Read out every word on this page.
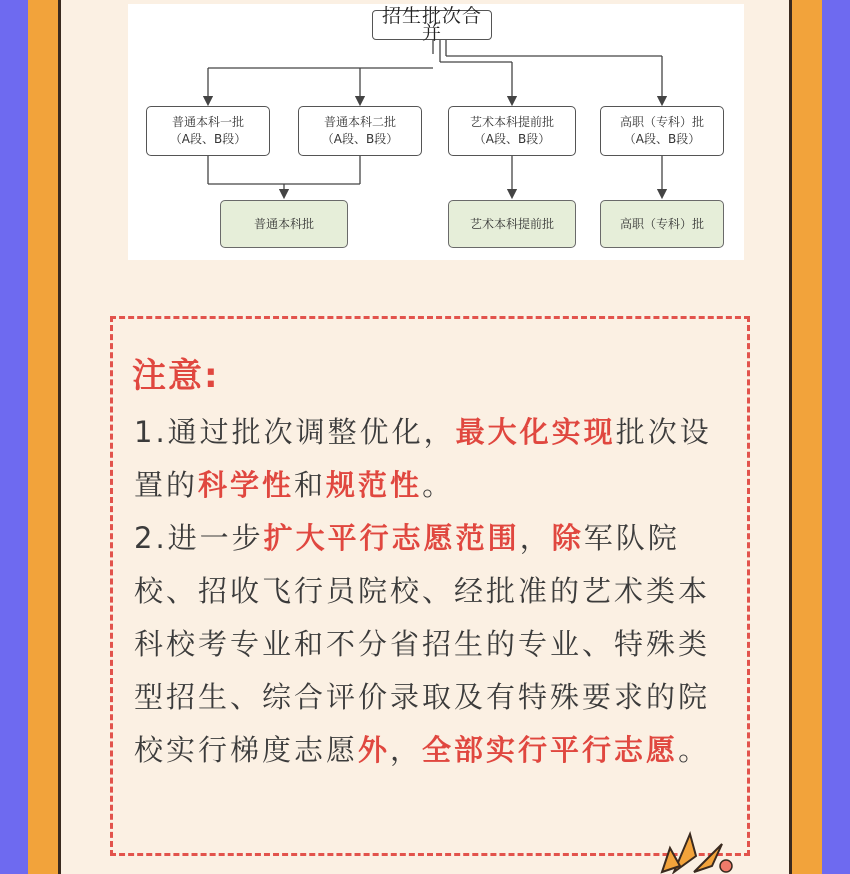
招生批次合并
普通本科一批
（A段、B段）
普通本科二批
（A段、B段）
艺术本科提前批
（A段、B段）
高职（专科）批
（A段、B段）
普通本科批	艺术本科提前批	高职（专科）批
注意:
1.通过批次调整优化，最大化实现批次设置的科学性和规范性。
2.进一步扩大平行志愿范围，除军队院校、招收飞行员院校、经批准的艺术类本科校考专业和不分省招生的专业、特殊类型招生、综合评价录取及有特殊要求的院校实行梯度志愿外，全部实行平行志愿。
